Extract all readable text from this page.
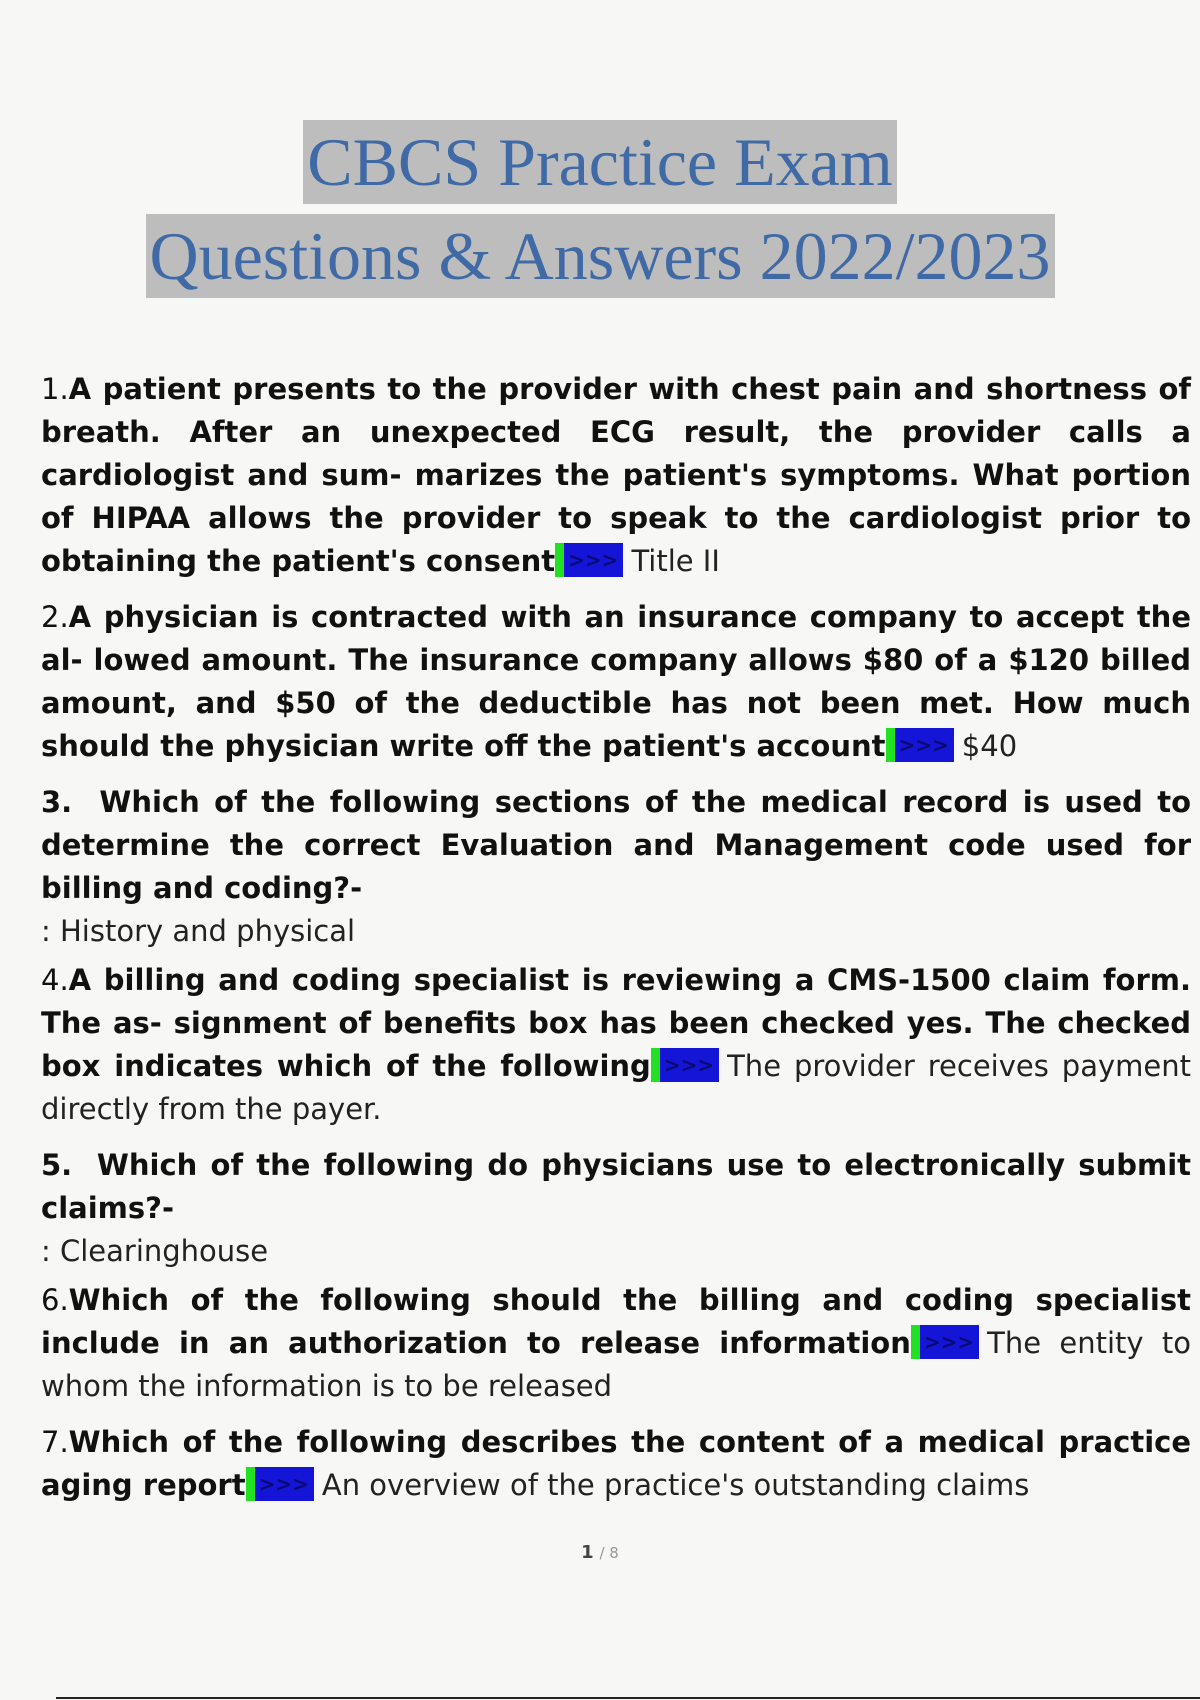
CBCS Practice Exam
Questions & Answers 2022/2023
1.A patient presents to the provider with chest pain and shortness of breath. After an unexpected ECG result, the provider calls a cardiologist and sum- marizes the patient's symptoms. What portion of HIPAA allows the provider to speak to the cardiologist prior to obtaining the patient's consent >>> Title II
2.A physician is contracted with an insurance company to accept the al- lowed amount. The insurance company allows $80 of a $120 billed amount, and $50 of the deductible has not been met. How much should the physician write off the patient's account >>> $40
3. Which of the following sections of the medical record is used to determine the correct Evaluation and Management code used for billing and coding?-
: History and physical
4.A billing and coding specialist is reviewing a CMS-1500 claim form. The as- signment of benefits box has been checked yes. The checked box indicates which of the following >>> The provider receives payment directly from the payer.
5. Which of the following do physicians use to electronically submit claims?-
: Clearinghouse
6.Which of the following should the billing and coding specialist include in an authorization to release information >>> The entity to whom the information is to be released
7.Which of the following describes the content of a medical practice aging report >>> An overview of the practice's outstanding claims
1 / 8
